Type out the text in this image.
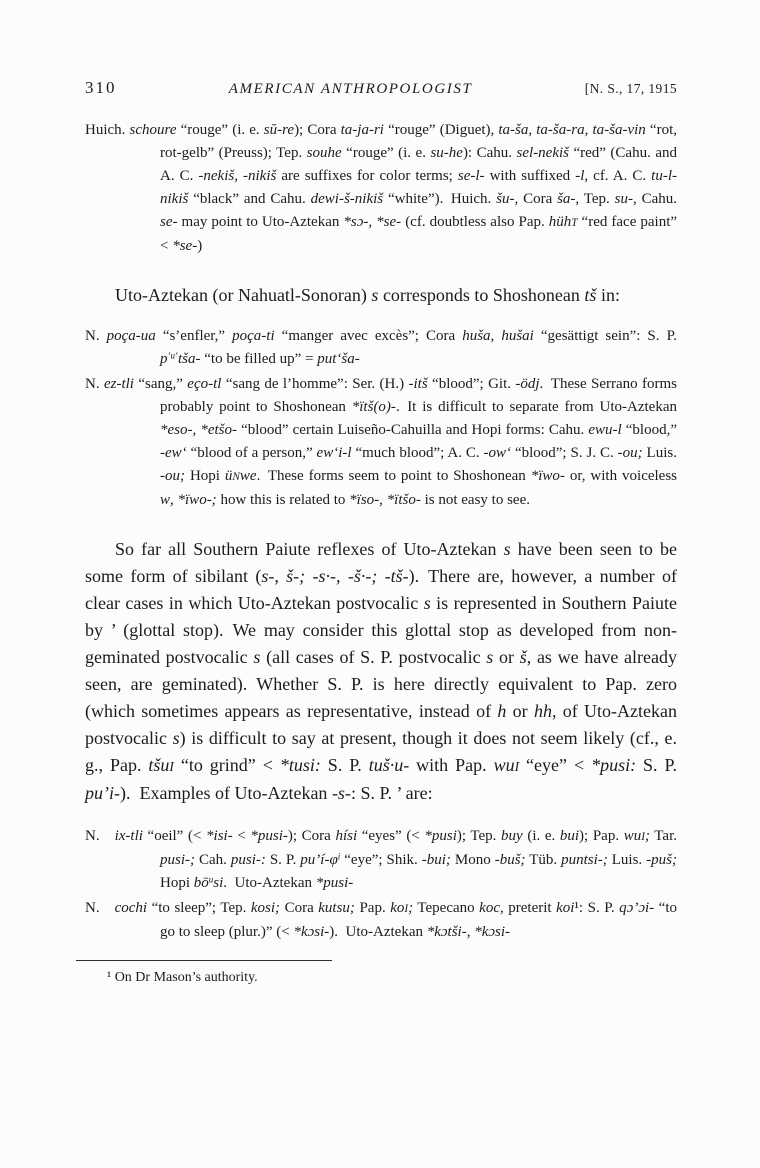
310	AMERICAN ANTHROPOLOGIST	[N. S., 17, 1915
Huich. schoure “rouge” (i. e. sŭ-re); Cora ta-ja-ri “rouge” (Diguet), ta-ša, ta-ša-ra, ta-ša-vin “rot, rot-gelb” (Preuss); Tep. souhe “rouge” (i. e. su-he): Cahu. sel-nekiš “red” (Cahu. and A. C. -nekiš, -nikiš are suffixes for color terms; se-l- with suffixed -l, cf. A. C. tu-l-nikiš “black” and Cahu. dewi-š-nikiš “white”). Huich. šu-, Cora ša-, Tep. su-, Cahu. se- may point to Uto-Aztekan *sɔ-, *se- (cf. doubtless also Pap. hühT “red face paint” < *se-)
Uto-Aztekan (or Nahuatl-Sonoran) s corresponds to Shoshonean tš in:
N. poça-ua “s’enfler,” poça-ti “manger avec excès”; Cora huša, hušai “gesättigt sein”: S. P. $p^{‘u‘}tša-$ “to be filled up” = put‘ša-
N. ez-tli “sang,” eço-tl “sang de l’homme”: Ser. (H.) -itš “blood”; Git. -ödj. These Serrano forms probably point to Shoshonean *ïtš(o)-. It is difficult to separate from Uto-Aztekan *eso-, *etšo- “blood” certain Luiseño-Cahuilla and Hopi forms: Cahu. ewu-l “blood,” -ew‘ “blood of a person,” ew‘i-l “much blood”; A. C. -ow‘ “blood”; S. J. C. -ou; Luis. -ou; Hopi üNwe. These forms seem to point to Shoshonean *ïwo- or, with voiceless w, *ïwo-; how this is related to *ïso-, *ïtšo- is not easy to see.
So far all Southern Paiute reflexes of Uto-Aztekan s have been seen to be some form of sibilant (s-, š-; -s·-, -š·-; -tš-). There are, however, a number of clear cases in which Uto-Aztekan postvocalic s is represented in Southern Paiute by ’ (glottal stop). We may consider this glottal stop as developed from non-geminated postvocalic s (all cases of S. P. postvocalic s or š, as we have already seen, are geminated). Whether S. P. is here directly equivalent to Pap. zero (which sometimes appears as representative, instead of h or hh, of Uto-Aztekan postvocalic s) is difficult to say at present, though it does not seem likely (cf., e. g., Pap. tšuI “to grind” < *tusi: S. P. tuš·u- with Pap. wuI “eye” < *pusi: S. P. pu’i-). Examples of Uto-Aztekan -s-: S. P. ’ are:
N. ix-tli “oeil” (< *isi- < *pusi-); Cora hísi “eyes” (< *pusi); Tep. buy (i. e. bui); Pap. wuI; Tar. pusi-; Cah. pusi-: S. P. $pu’í-\varphi^i$ “eye”; Shik. -bui; Mono -buš; Tüb. puntsi-; Luis. -puš; Hopi $bō^usi$. Uto-Aztekan *pusi-
N. cochi “to sleep”; Tep. kosi; Cora kutsu; Pap. koI; Tepecano koc, preterit koi¹: S. P. qɔ’ɔi- “to go to sleep (plur.)” (< *kɔsi-). Uto-Aztekan *kɔtši-, *kɔsi-
¹ On Dr Mason’s authority.
